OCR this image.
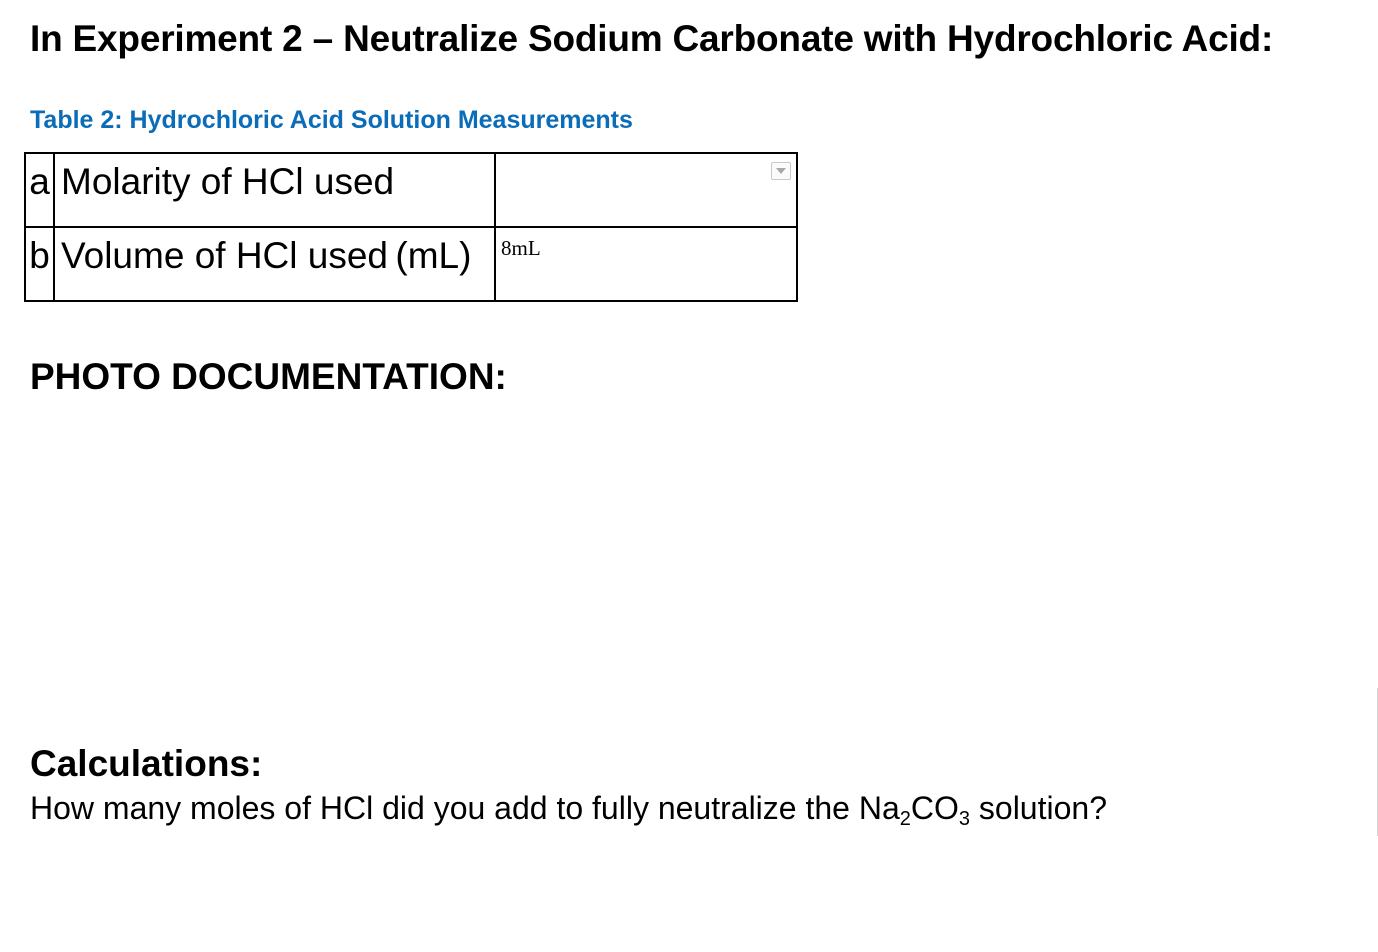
In Experiment 2 – Neutralize Sodium Carbonate with Hydrochloric Acid:
Table 2: Hydrochloric Acid Solution Measurements
a	Molarity of HCl used	

b	Volume of HCl used (mL)	8mL
PHOTO DOCUMENTATION:
Calculations:

How many moles of HCl did you add to fully neutralize the $Na_2CO_3$ solution?
